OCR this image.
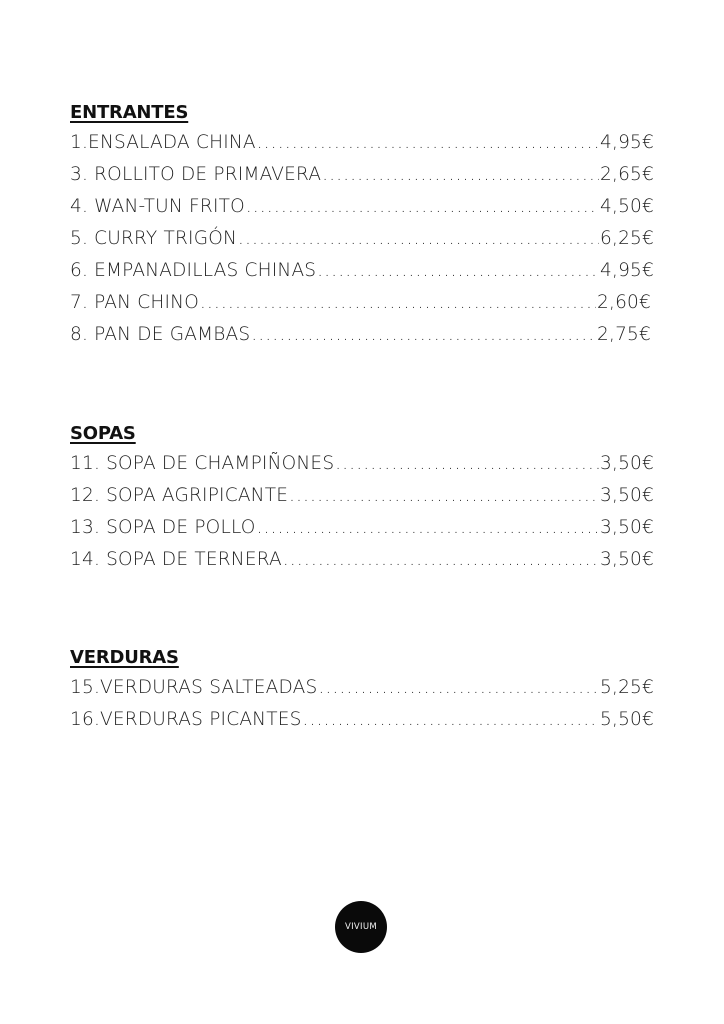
ENTRANTES
1.ENSALADA CHINA .....	4,95€
3. ROLLITO DE PRIMAVERA .....	2,65€
4. WAN-TUN FRITO .....	4,50€
5. CURRY TRIGÓN .....	6,25€
6. EMPANADILLAS CHINAS .....	4,95€
7. PAN CHINO .....	2,60€
8. PAN DE GAMBAS .....	2,75€
SOPAS
11. SOPA DE CHAMPIÑONES .....	3,50€
12. SOPA AGRIPICANTE .....	3,50€
13. SOPA DE POLLO .....	3,50€
14. SOPA DE TERNERA .....	3,50€
VERDURAS
15.VERDURAS SALTEADAS .....	5,25€
16.VERDURAS PICANTES .....	5,50€
VIVIUM
